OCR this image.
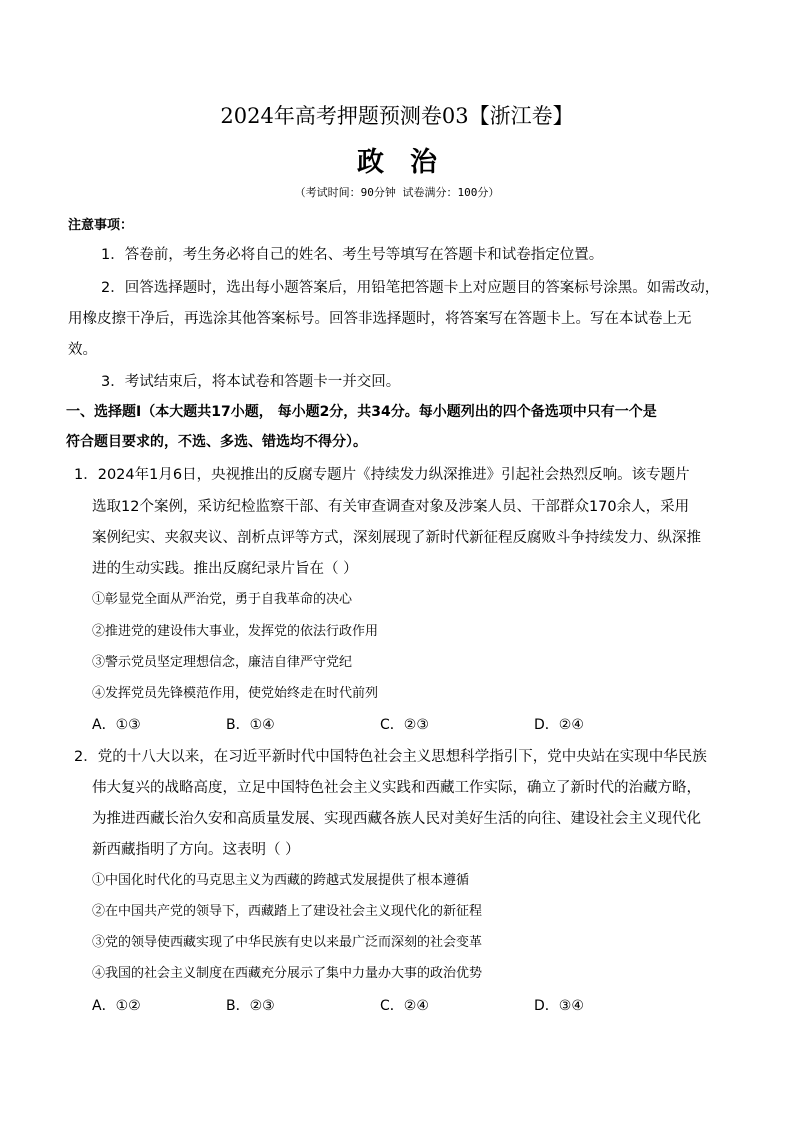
2024年高考押题预测卷03【浙江卷】
政治
（考试时间：90分钟 试卷满分：100分）
注意事项：
1．答卷前，考生务必将自己的姓名、考生号等填写在答题卡和试卷指定位置。
2．回答选择题时，选出每小题答案后，用铅笔把答题卡上对应题目的答案标号涂黑。如需改动，
用橡皮擦干净后，再选涂其他答案标号。回答非选择题时，将答案写在答题卡上。写在本试卷上无
效。
3．考试结束后，将本试卷和答题卡一并交回。
一、选择题Ⅰ（本大题共17小题， 每小题2分，共34分。每小题列出的四个备选项中只有一个是
符合题目要求的，不选、多选、错选均不得分）。
1．2024年1月6日，央视推出的反腐专题片《持续发力纵深推进》引起社会热烈反响。该专题片
选取12个案例，采访纪检监察干部、有关审查调查对象及涉案人员、干部群众170余人，采用
案例纪实、夹叙夹议、剖析点评等方式，深刻展现了新时代新征程反腐败斗争持续发力、纵深推
进的生动实践。推出反腐纪录片旨在（ ）
①彰显党全面从严治党，勇于自我革命的决心
②推进党的建设伟大事业，发挥党的依法行政作用
③警示党员坚定理想信念，廉洁自律严守党纪
④发挥党员先锋模范作用，使党始终走在时代前列
A．①③	B．①④	C．②③	D．②④
2．党的十八大以来，在习近平新时代中国特色社会主义思想科学指引下，党中央站在实现中华民族
伟大复兴的战略高度，立足中国特色社会主义实践和西藏工作实际，确立了新时代的治藏方略，
为推进西藏长治久安和高质量发展、实现西藏各族人民对美好生活的向往、建设社会主义现代化
新西藏指明了方向。这表明（ ）
①中国化时代化的马克思主义为西藏的跨越式发展提供了根本遵循
②在中国共产党的领导下，西藏踏上了建设社会主义现代化的新征程
③党的领导使西藏实现了中华民族有史以来最广泛而深刻的社会变革
④我国的社会主义制度在西藏充分展示了集中力量办大事的政治优势
A．①②	B．②③	C．②④	D．③④
